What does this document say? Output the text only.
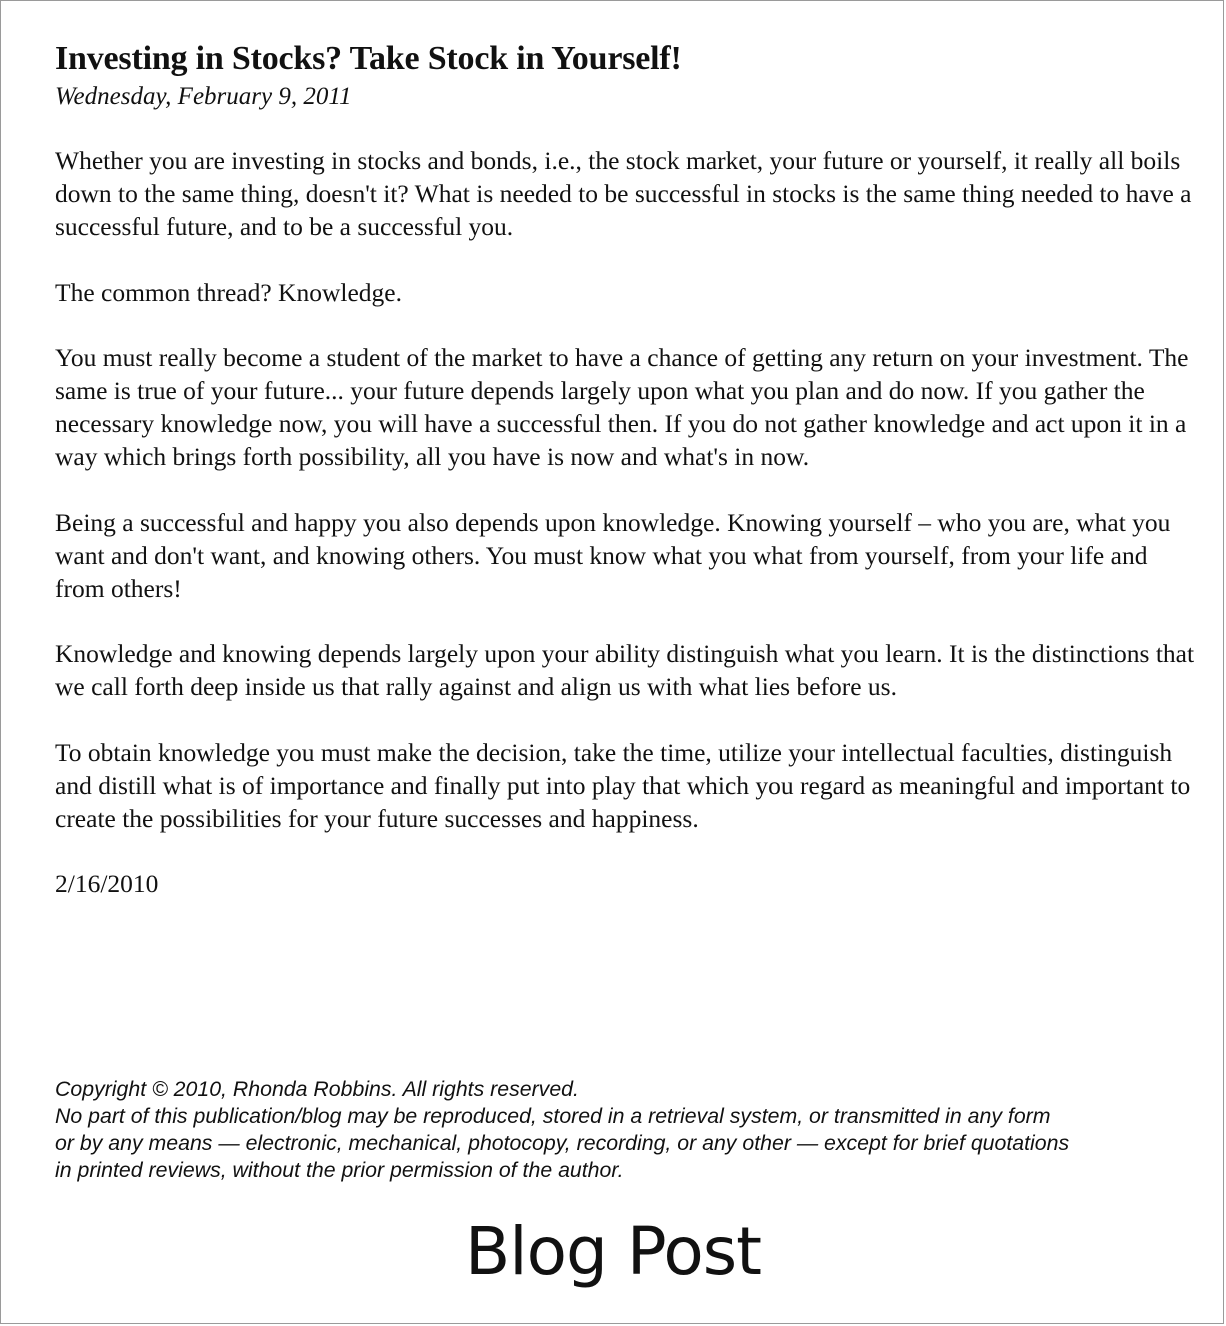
Investing in Stocks? Take Stock in Yourself!
Wednesday, February 9, 2011

Whether you are investing in stocks and bonds, i.e., the stock market, your future or yourself, it really all boils down to the same thing, doesn't it? What is needed to be successful in stocks is the same thing needed to have a successful future, and to be a successful you.

The common thread? Knowledge.

You must really become a student of the market to have a chance of getting any return on your investment. The same is true of your future... your future depends largely upon what you plan and do now. If you gather the necessary knowledge now, you will have a successful then. If you do not gather knowledge and act upon it in a way which brings forth possibility, all you have is now and what's in now.

Being a successful and happy you also depends upon knowledge. Knowing yourself – who you are, what you want and don't want, and knowing others. You must know what you what from yourself, from your life and from others!

Knowledge and knowing depends largely upon your ability distinguish what you learn. It is the distinctions that we call forth deep inside us that rally against and align us with what lies before us.

To obtain knowledge you must make the decision, take the time, utilize your intellectual faculties, distinguish and distill what is of importance and finally put into play that which you regard as meaningful and important to create the possibilities for your future successes and happiness.

2/16/2010
Copyright © 2010, Rhonda Robbins. All rights reserved.
No part of this publication/blog may be reproduced, stored in a retrieval system, or transmitted in any form
or by any means — electronic, mechanical, photocopy, recording, or any other — except for brief quotations
in printed reviews, without the prior permission of the author.
Blog Post
